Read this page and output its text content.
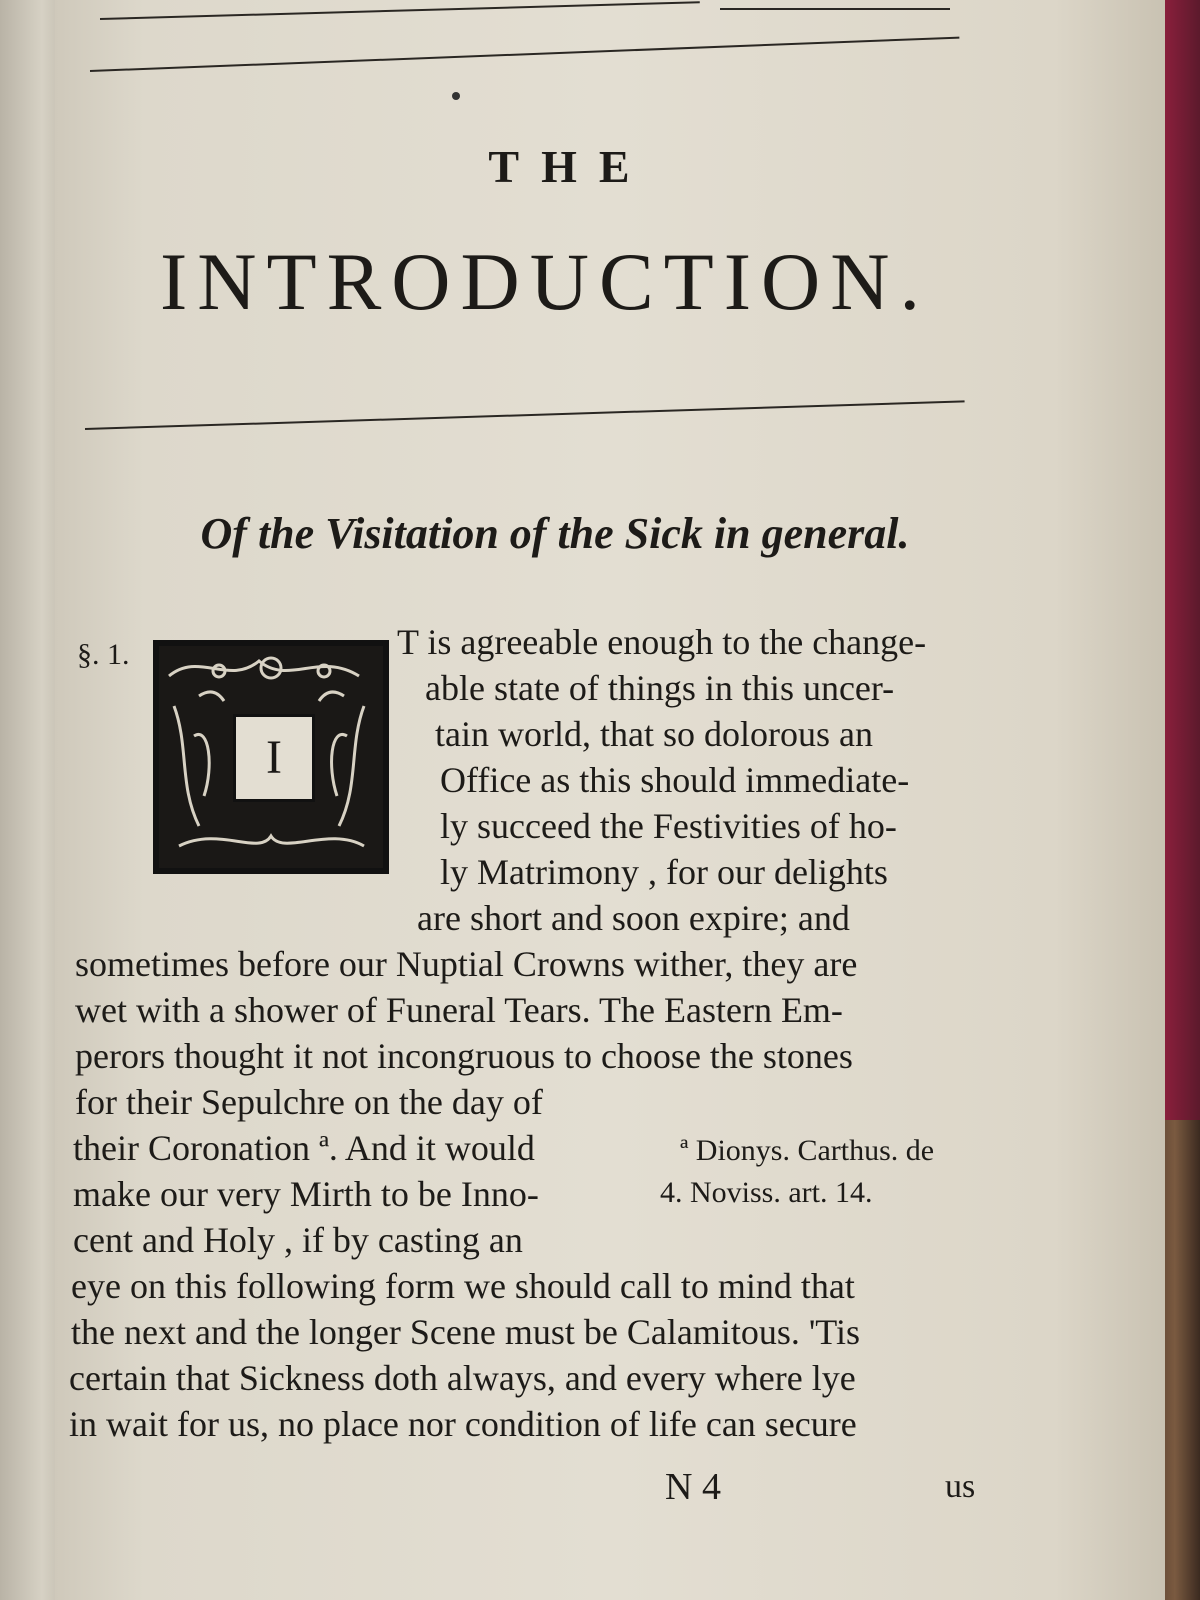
THE
INTRODUCTION.
Of the Visitation of the Sick in general.
§. 1.
I
T is agreeable enough to the change-
able state of things in this uncer-
tain world, that so dolorous an
Office as this should immediate-
ly succeed the Festivities of ho-
ly Matrimony , for our delights
are short and soon expire; and
sometimes before our Nuptial Crowns wither, they are
wet with a shower of Funeral Tears. The Eastern Em-
perors thought it not incongruous to choose the stones
for their Sepulchre on the day of
their Coronation ª. And it would
make our very Mirth to be Inno-
cent and Holy , if by casting an
eye on this following form we should call to mind that
the next and the longer Scene must be Calamitous. 'Tis
certain that Sickness doth always, and every where lye
in wait for us, no place nor condition of life can secure
ª Dionys. Carthus. de
4. Noviss. art. 14.
N 4	us
